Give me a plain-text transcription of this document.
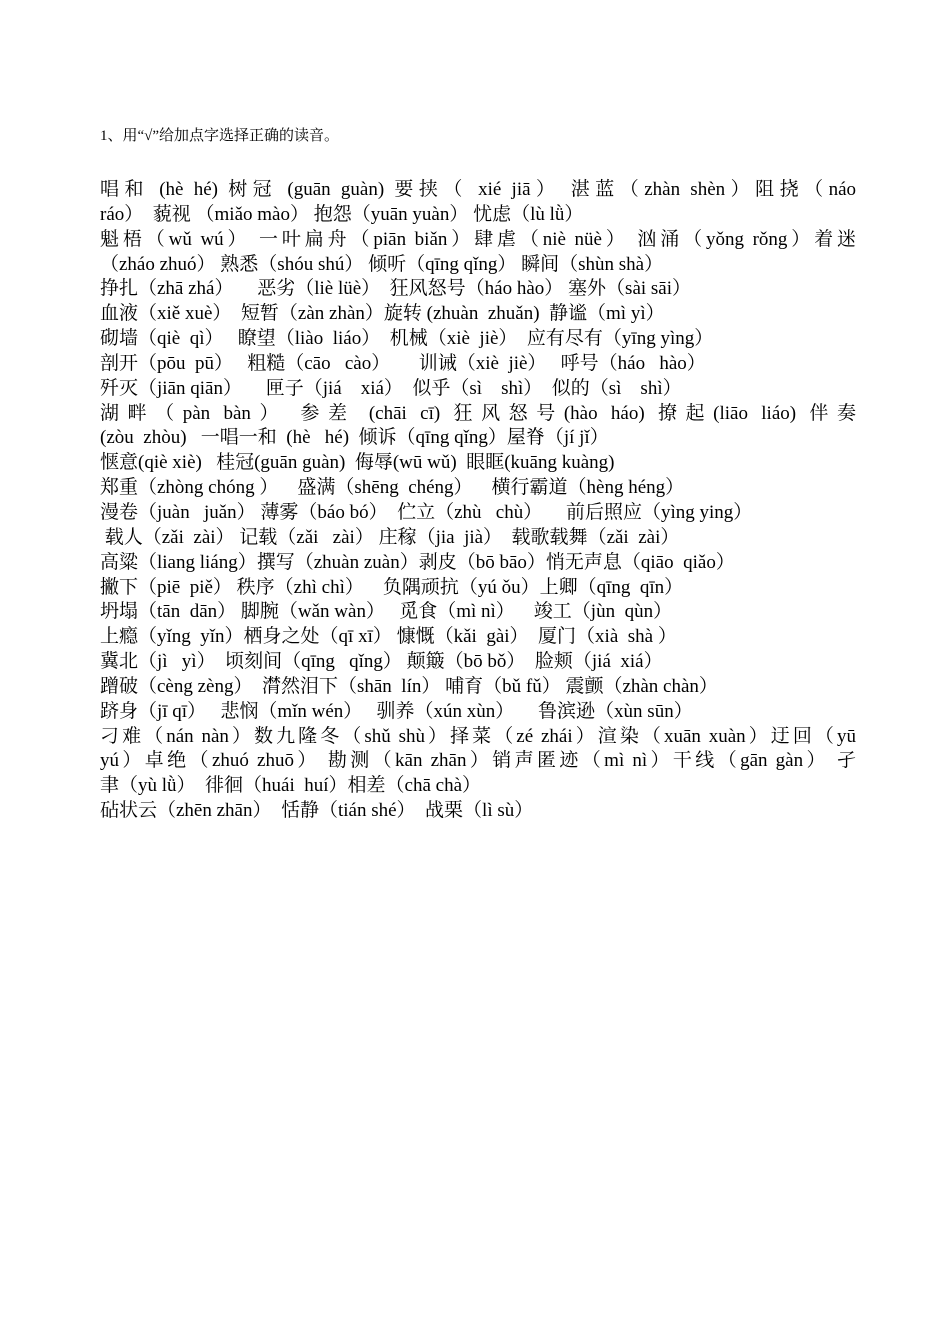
1、用“√”给加点字选择正确的读音。
唱和 (hè hé) 树冠 (guān guàn) 要挟（ xié jiā） 湛蓝（zhàn shèn）阻挠（náo
ráo）  藐视 （miǎo mào） 抱怨（yuān yuàn） 忧虑（lù lǜ）
魁梧（wǔ wú） 一叶扁舟（piān biǎn）肆虐（niè nüè） 汹涌（yǒng rǒng）着迷
（zháo zhuó） 熟悉（shóu shú） 倾听（qīng qǐng） 瞬间（shùn shà）
挣扎（zhā zhá）     恶劣（liè lüè）  狂风怒号（háo hào） 塞外（sài sāi）
血液（xiě xuè）  短暂（zàn zhàn）旋转 (zhuàn  zhuǎn)  静谧（mì yì）
砌墙（qiè  qì）   瞭望（liào  liáo）  机械（xiè  jiè）  应有尽有（yīng yìng）
剖开（pōu  pū）   粗糙（cāo   cào）      训诫（xiè  jiè）   呼号（háo   hào）
歼灭（jiān qiān）     匣子（jiá    xiá）  似乎（sì    shì）  似的（sì    shì）
湖畔（pàn bàn） 参差 (chāi cī) 狂风怒号(hào háo) 撩起(liāo liáo) 伴奏
(zòu  zhòu)   一唱一和  (hè   hé)  倾诉（qīng qǐng）屋脊（jí jǐ）
惬意(qiè xiè)   桂冠(guān guàn)  侮辱(wū wǔ)  眼眶(kuāng kuàng)
郑重（zhòng chóng ）    盛满（shēng  chéng）    横行霸道（hèng héng）
漫卷（juàn   juǎn） 薄雾（báo bó）  伫立（zhù   chù）     前后照应（yìng ying）
载人（zǎi  zài） 记载（zǎi   zài） 庄稼（jia  jià）  载歌载舞（zǎi  zài）
高粱（liang liáng）撰写（zhuàn zuàn）剥皮（bō bāo）悄无声息（qiāo  qiǎo）
撇下（piē  piě） 秩序（zhì chì）    负隅顽抗（yú ǒu）上卿（qīng  qīn）
坍塌（tān  dān） 脚腕（wǎn wàn）   觅食（mì nì）    竣工（jùn  qùn）
上瘾（yǐng  yǐn）栖身之处（qī xī） 慷慨（kǎi  gài）  厦门（xià  shà ）
冀北（jì   yì）  顷刻间（qīng   qǐng） 颠簸（bō bǒ）  脸颊（jiá  xiá）
蹭破（cèng zèng）  潸然泪下（shān  lín） 哺育（bǔ fǔ） 震颤（zhàn chàn）
跻身（jī qī）   悲悯（mǐn wén）   驯养（xún xùn）     鲁滨逊（xùn sūn）
刁难（nán nàn）数九隆冬（shǔ shù）择菜（zé zhái）渲染（xuān xuàn）迂回（yū
yú）卓绝（zhuó zhuō） 勘测（kān zhān）销声匿迹（mì nì）干线（gān gàn） 孑
聿（yù lǜ）  徘徊（huái  huí）相差（chā chà）
砧状云（zhēn zhān）  恬静（tián shé）  战栗（lì sù）
